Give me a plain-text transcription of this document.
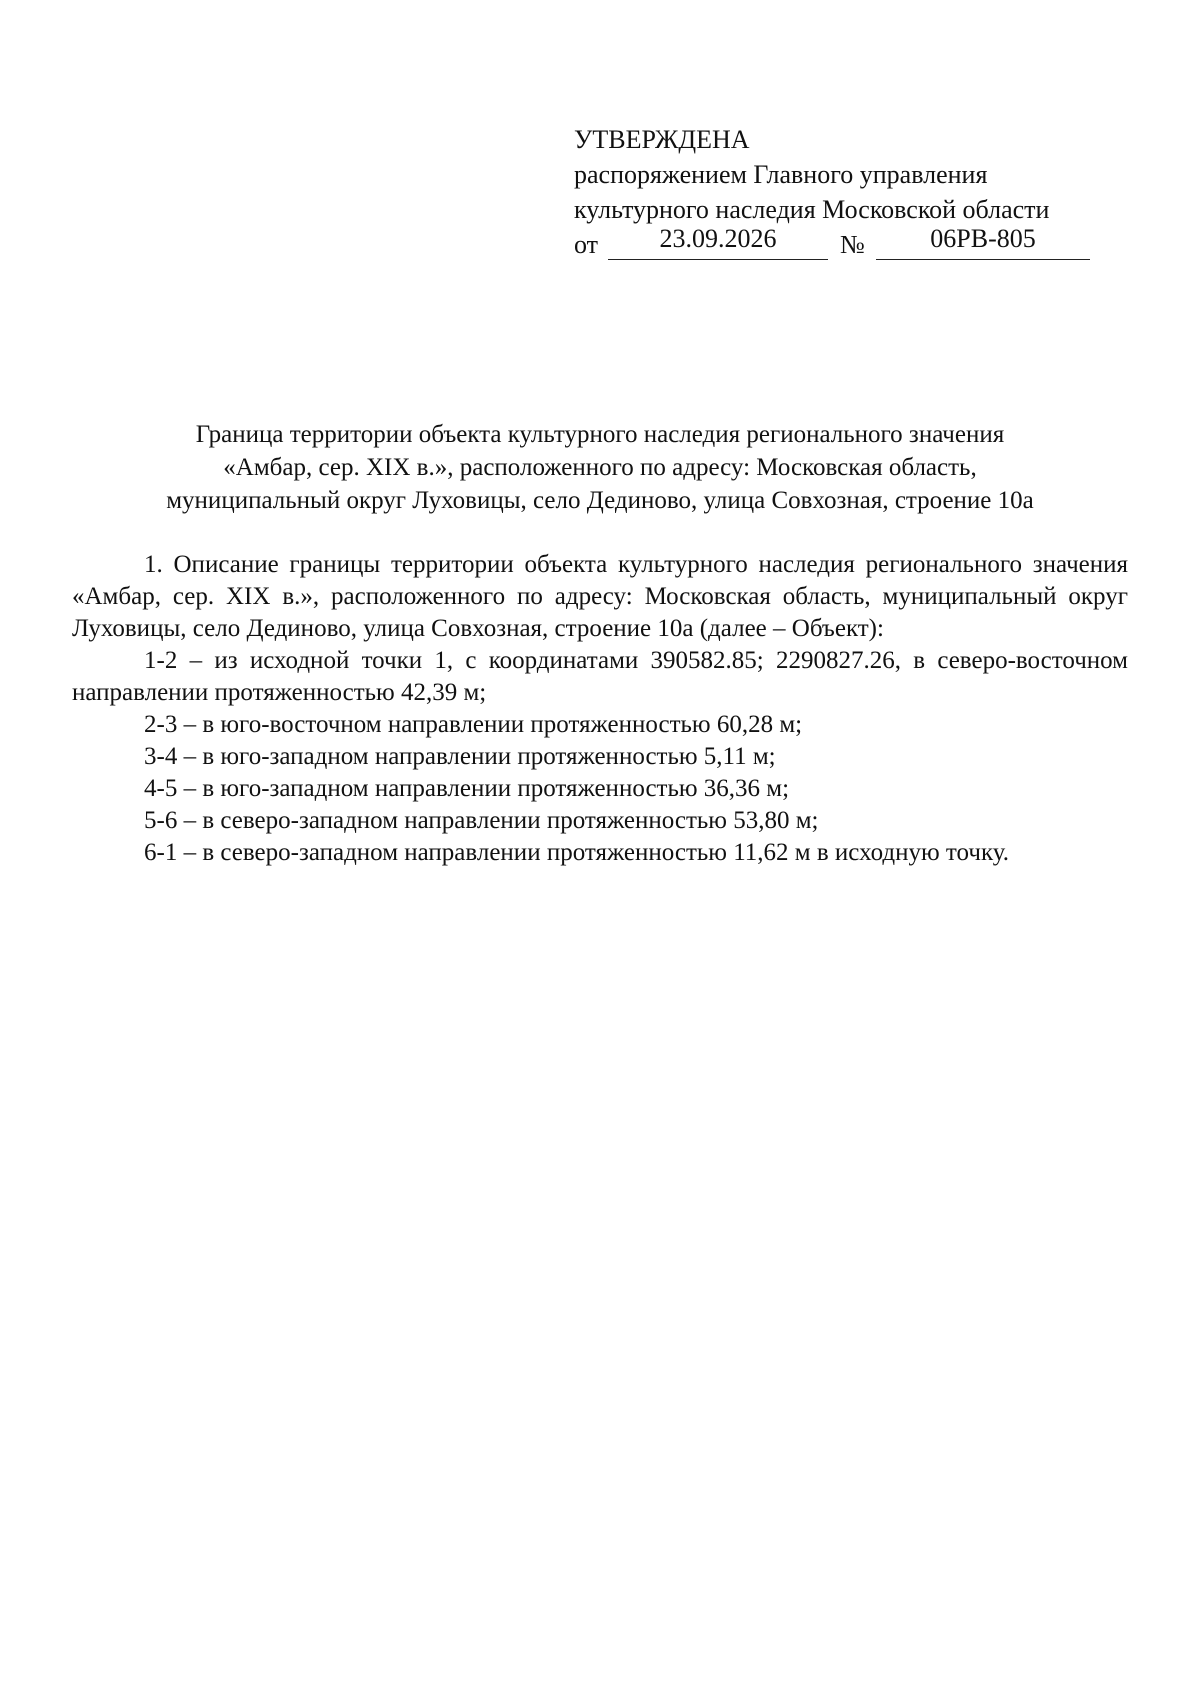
УТВЕРЖДЕНА
распоряжением Главного управления
культурного наследия Московской области
от	23.09.2026	№	06РВ-805
Граница территории объекта культурного наследия регионального значения
«Амбар, сер. XIX в.», расположенного по адресу: Московская область,
муниципальный округ Луховицы, село Дединово, улица Совхозная, строение 10а

1. Описание границы территории объекта культурного наследия регионального значения «Амбар, сер. XIX в.», расположенного по адресу: Московская область, муниципальный округ Луховицы, село Дединово, улица Совхозная, строение 10а (далее – Объект):

1-2 – из исходной точки 1, с координатами 390582.85; 2290827.26, в северо-восточном направлении протяженностью 42,39 м;

2-3 – в юго-восточном направлении протяженностью 60,28 м;

3-4 – в юго-западном направлении протяженностью 5,11 м;

4-5 – в юго-западном направлении протяженностью 36,36 м;

5-6 – в северо-западном направлении протяженностью 53,80 м;

6-1 – в северо-западном направлении протяженностью 11,62 м в исходную точку.
